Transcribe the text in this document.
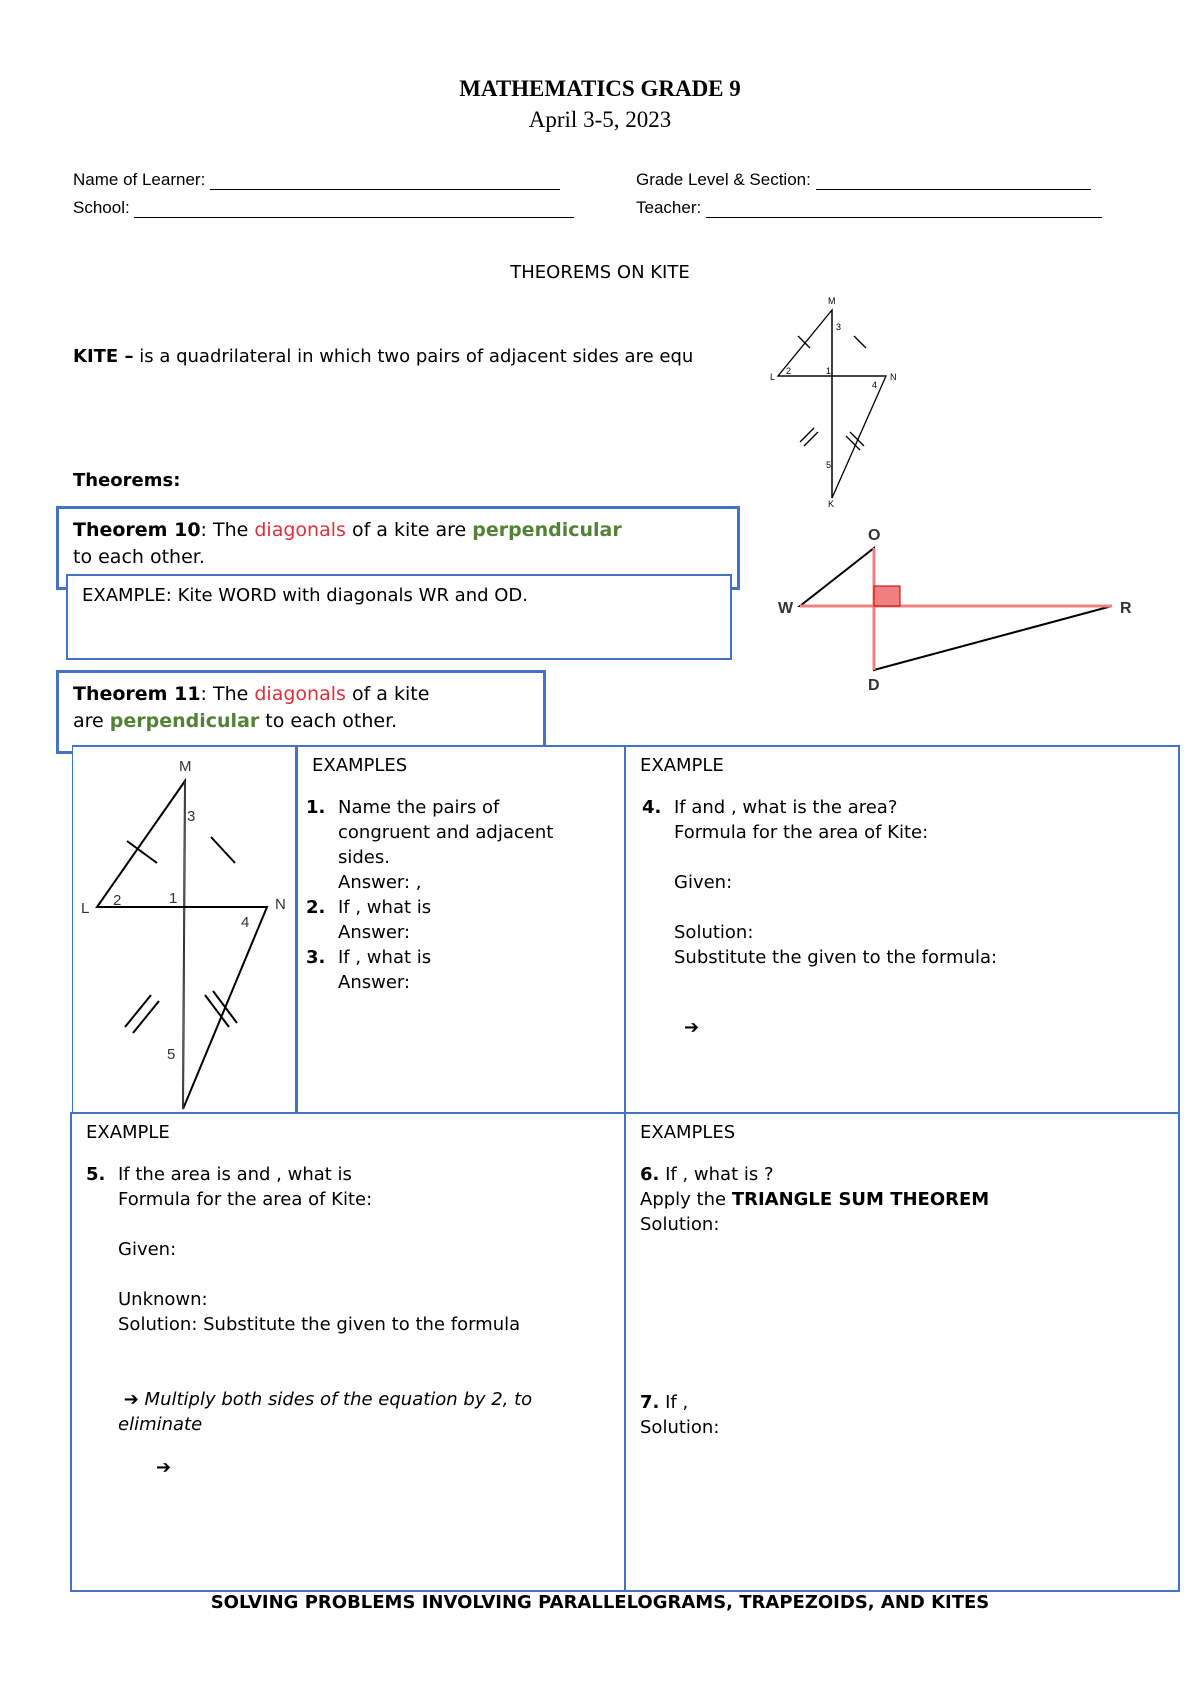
MATHEMATICS GRADE 9
April 3-5, 2023
Name of Learner:	Grade Level & Section:
School:	Teacher:
THEOREMS ON KITE
KITE – is a quadrilateral in which two pairs of adjacent sides are equ
M
L	N
K
1
2
3
4
5
Theorems:
Theorem 10: The diagonals of a kite are perpendicular
to each other.
EXAMPLE: Kite WORD with diagonals WR and OD.
O
W	R
D
Theorem 11: The diagonals of a kite
are perpendicular to each other.
M
L	N
1
2
3
4
5
EXAMPLES
1. Name the pairs of
congruent and adjacent
sides.
Answer: ,
2. If , what is
Answer:
3. If , what is
Answer:
EXAMPLE
4. If and , what is the area?
Formula for the area of Kite:
Given:
Solution:
Substitute the given to the formula:
➔
EXAMPLE
5. If the area is and , what is
Formula for the area of Kite:
Given:
Unknown:
Solution: Substitute the given to the formula
➔ Multiply both sides of the equation by 2, to
eliminate
➔
EXAMPLES
6. If , what is ?
Apply the TRIANGLE SUM THEOREM
Solution:
7. If ,
Solution:
SOLVING PROBLEMS INVOLVING PARALLELOGRAMS, TRAPEZOIDS, AND KITES
